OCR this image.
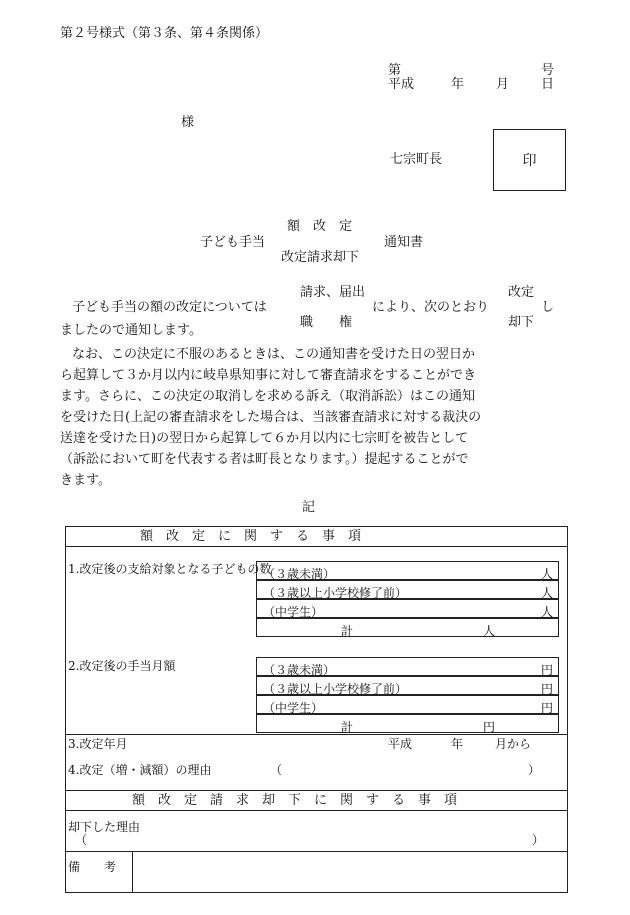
第２号様式（第３条、第４条関係）
第	号
平成	年 月 日
様
七宗町長	印
額　改　定
子ども手当	通知書
改定請求却下
請求、届出	改定
子ども手当の額の改定については	により、次のとおり	し
職　　権	却下
ましたので通知します。
なお、この決定に不服のあるときは、この通知書を受けた日の翌日か
ら起算して３か月以内に岐阜県知事に対して審査請求をすることができ
ます。さらに、この決定の取消しを求める訴え（取消訴訟）はこの通知
を受けた日(上記の審査請求をした場合は、当該審査請求に対する裁決の
送達を受けた日)の翌日から起算して６か月以内に七宗町を被告として
（訴訟において町を代表する者は町長となります。）提起することがで
きます。
記
額　改　定　に　関　す　る　事　項
1.改定後の支給対象となる子どもの数
（３歳未満）	人
（３歳以上小学校修了前）	人
（中学生）	人
計	人
2.改定後の手当月額	（３歳未満）	円
（３歳以上小学校修了前）	円
（中学生）	円
計	円
3.改定年月	平成	年	月から
4.改定（増・減額）の理由	（	）
額　改　定　請　求　却　下　に　関　す　る　事　項
却下した理由
（	）
備　　考
